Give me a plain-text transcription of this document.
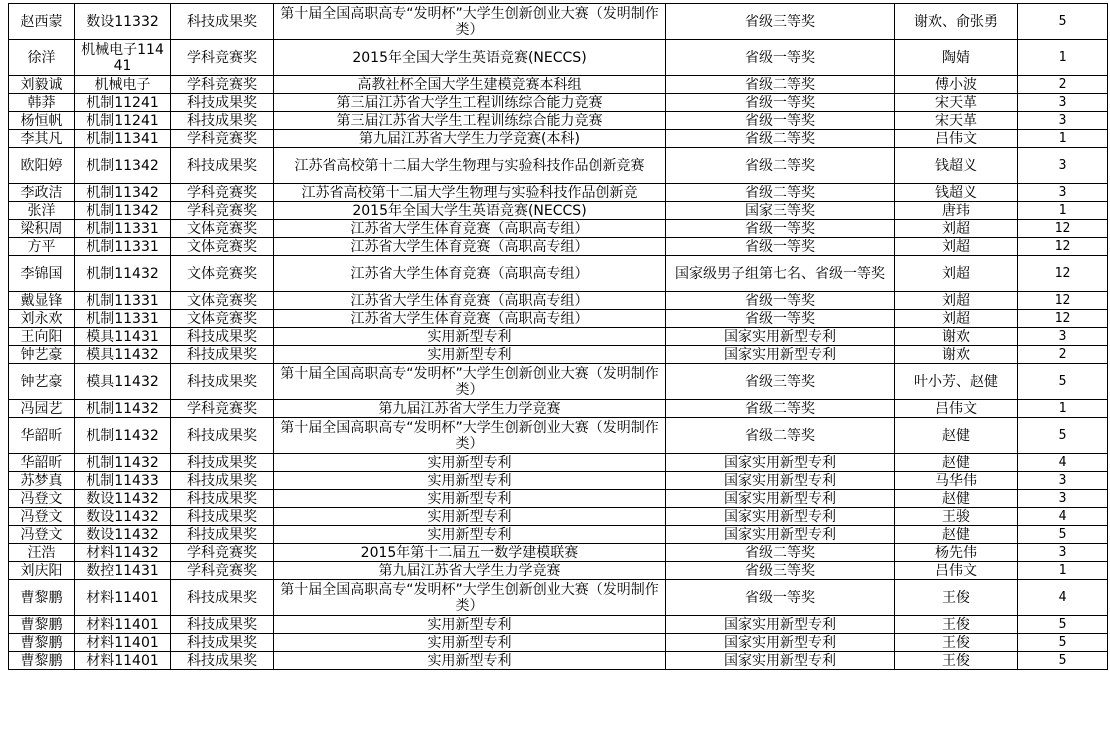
赵西蒙	数设11332	科技成果奖	第十届全国高职高专“发明杯”大学生创新创业大赛（发明制作类）	省级三等奖	谢欢、俞张勇	5
徐洋	机械电子11441	学科竞赛奖	2015年全国大学生英语竞赛(NECCS)	省级一等奖	陶婧	1
刘毅诚	机械电子	学科竞赛奖	高教社杯全国大学生建模竞赛本科组	省级二等奖	傅小波	2
韩莽	机制11241	科技成果奖	第三届江苏省大学生工程训练综合能力竞赛	省级一等奖	宋天革	3
杨恒帆	机制11241	科技成果奖	第三届江苏省大学生工程训练综合能力竞赛	省级一等奖	宋天革	3
李其凡	机制11341	学科竞赛奖	第九届江苏省大学生力学竞赛(本科)	省级二等奖	吕伟文	1
欧阳婷	机制11342	科技成果奖	江苏省高校第十二届大学生物理与实验科技作品创新竞赛	省级二等奖	钱超义	3
李政洁	机制11342	学科竞赛奖	江苏省高校第十二届大学生物理与实验科技作品创新竞	省级二等奖	钱超义	3
张洋	机制11342	学科竞赛奖	2015年全国大学生英语竞赛(NECCS)	国家三等奖	唐玮	1
梁积周	机制11331	文体竞赛奖	江苏省大学生体育竞赛（高职高专组）	省级一等奖	刘超	12
方平	机制11331	文体竞赛奖	江苏省大学生体育竞赛（高职高专组）	省级一等奖	刘超	12
李锦国	机制11432	文体竞赛奖	江苏省大学生体育竞赛（高职高专组）	国家级男子组第七名、省级一等奖	刘超	12
戴显锋	机制11331	文体竞赛奖	江苏省大学生体育竞赛（高职高专组）	省级一等奖	刘超	12
刘永欢	机制11331	文体竞赛奖	江苏省大学生体育竞赛（高职高专组）	省级一等奖	刘超	12
王向阳	模具11431	科技成果奖	实用新型专利	国家实用新型专利	谢欢	3
钟艺豪	模具11432	科技成果奖	实用新型专利	国家实用新型专利	谢欢	2
钟艺豪	模具11432	科技成果奖	第十届全国高职高专“发明杯”大学生创新创业大赛（发明制作类）	省级三等奖	叶小芳、赵健	5
冯园艺	机制11432	学科竞赛奖	第九届江苏省大学生力学竞赛	省级二等奖	吕伟文	1
华韶昕	机制11432	科技成果奖	第十届全国高职高专“发明杯”大学生创新创业大赛（发明制作类）	省级二等奖	赵健	5
华韶昕	机制11432	科技成果奖	实用新型专利	国家实用新型专利	赵健	4
苏梦真	机制11433	科技成果奖	实用新型专利	国家实用新型专利	马华伟	3
冯登文	数设11432	科技成果奖	实用新型专利	国家实用新型专利	赵健	3
冯登文	数设11432	科技成果奖	实用新型专利	国家实用新型专利	王骏	4
冯登文	数设11432	科技成果奖	实用新型专利	国家实用新型专利	赵健	5
汪浩	材料11432	学科竞赛奖	2015年第十二届五一数学建模联赛	省级二等奖	杨先伟	3
刘庆阳	数控11431	学科竞赛奖	第九届江苏省大学生力学竞赛	省级三等奖	吕伟文	1
曹黎鹏	材料11401	科技成果奖	第十届全国高职高专“发明杯”大学生创新创业大赛（发明制作类）	省级一等奖	王俊	4
曹黎鹏	材料11401	科技成果奖	实用新型专利	国家实用新型专利	王俊	5
曹黎鹏	材料11401	科技成果奖	实用新型专利	国家实用新型专利	王俊	5
曹黎鹏	材料11401	科技成果奖	实用新型专利	国家实用新型专利	王俊	5
